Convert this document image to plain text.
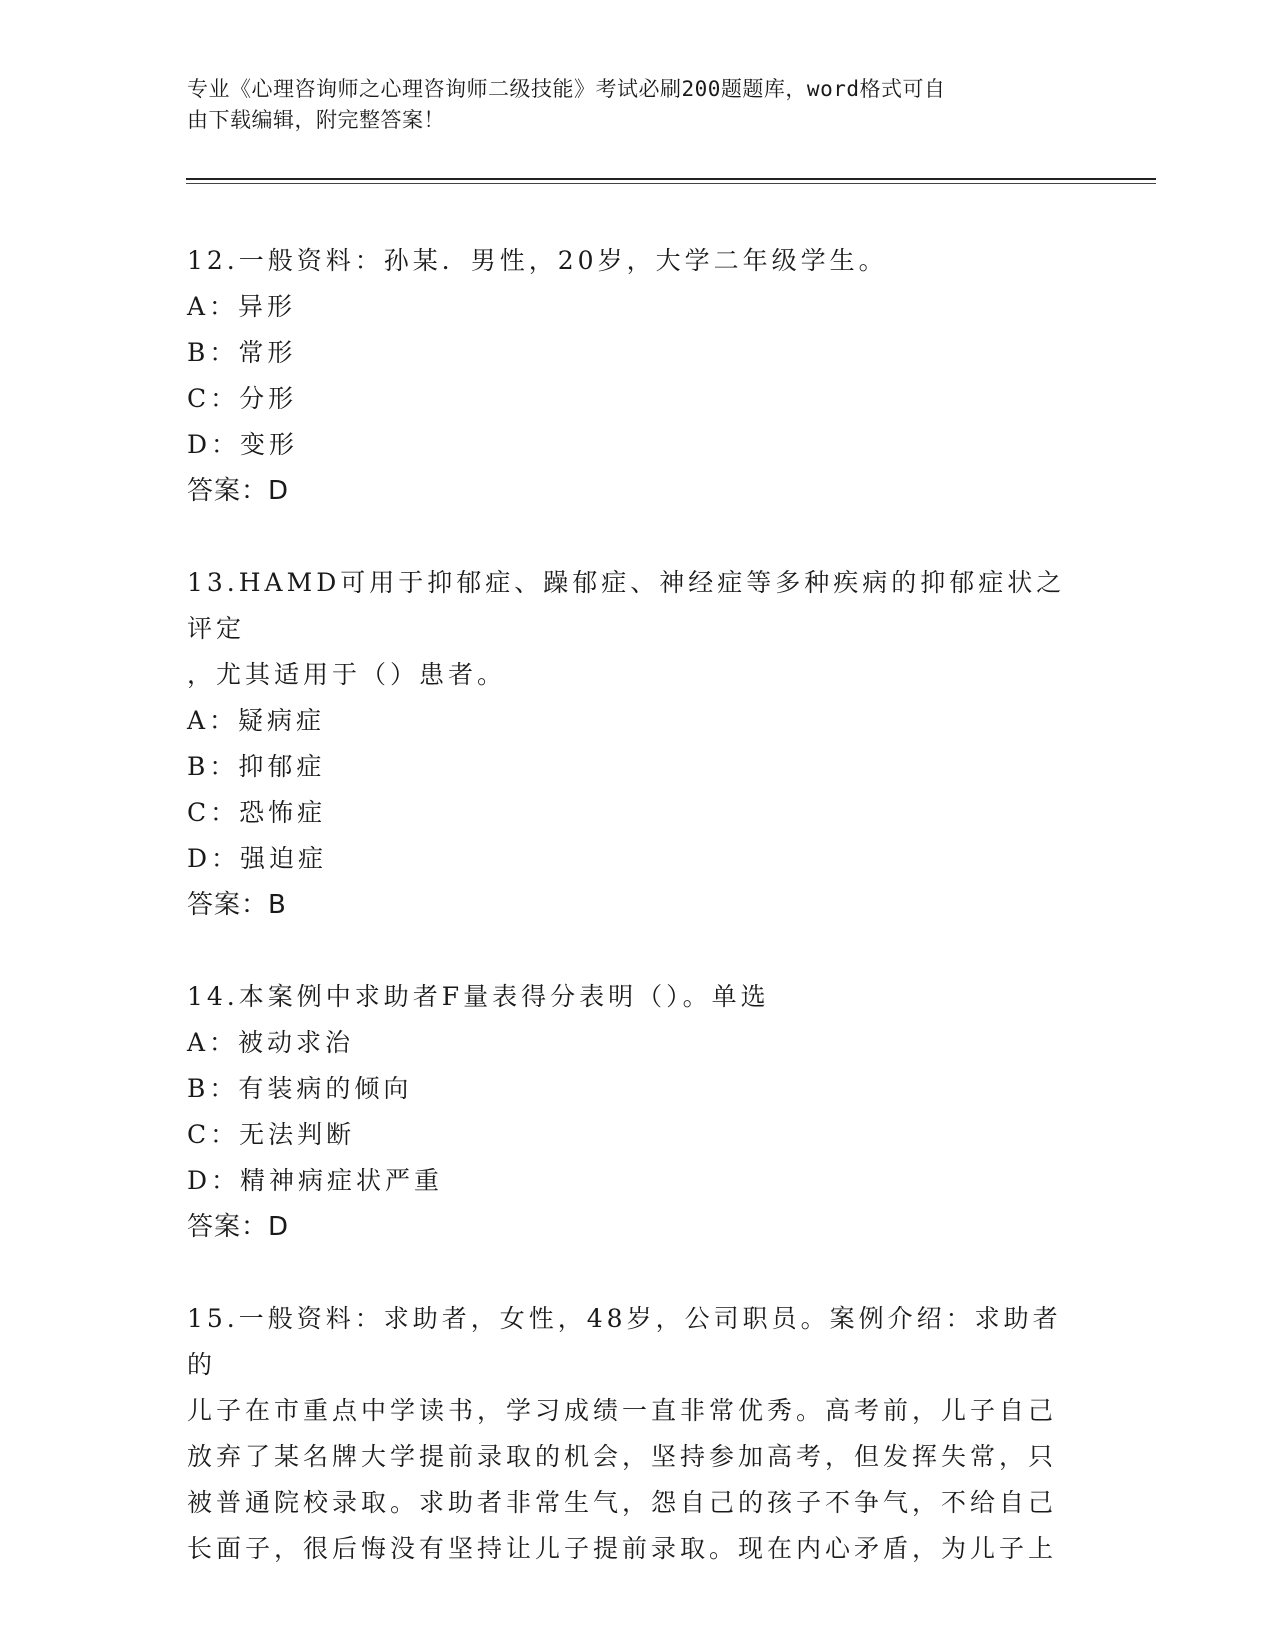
专业《心理咨询师之心理咨询师二级技能》考试必刷200题题库，word格式可自
由下载编辑，附完整答案！
12.一般资料：孙某．男性，20岁，大学二年级学生。
A：异形
B：常形
C：分形
D：变形
答案：D
13.HAMD可用于抑郁症、躁郁症、神经症等多种疾病的抑郁症状之评定
，尤其适用于（）患者。
A：疑病症
B：抑郁症
C：恐怖症
D：强迫症
答案：B
14.本案例中求助者F量表得分表明（）。单选
A：被动求治
B：有装病的倾向
C：无法判断
D：精神病症状严重
答案：D
15.一般资料：求助者，女性，48岁，公司职员。案例介绍：求助者的
儿子在市重点中学读书，学习成绩一直非常优秀。高考前，儿子自己
放弃了某名牌大学提前录取的机会，坚持参加高考，但发挥失常，只
被普通院校录取。求助者非常生气，怨自己的孩子不争气，不给自己
长面子，很后悔没有坚持让儿子提前录取。现在内心矛盾，为儿子上
